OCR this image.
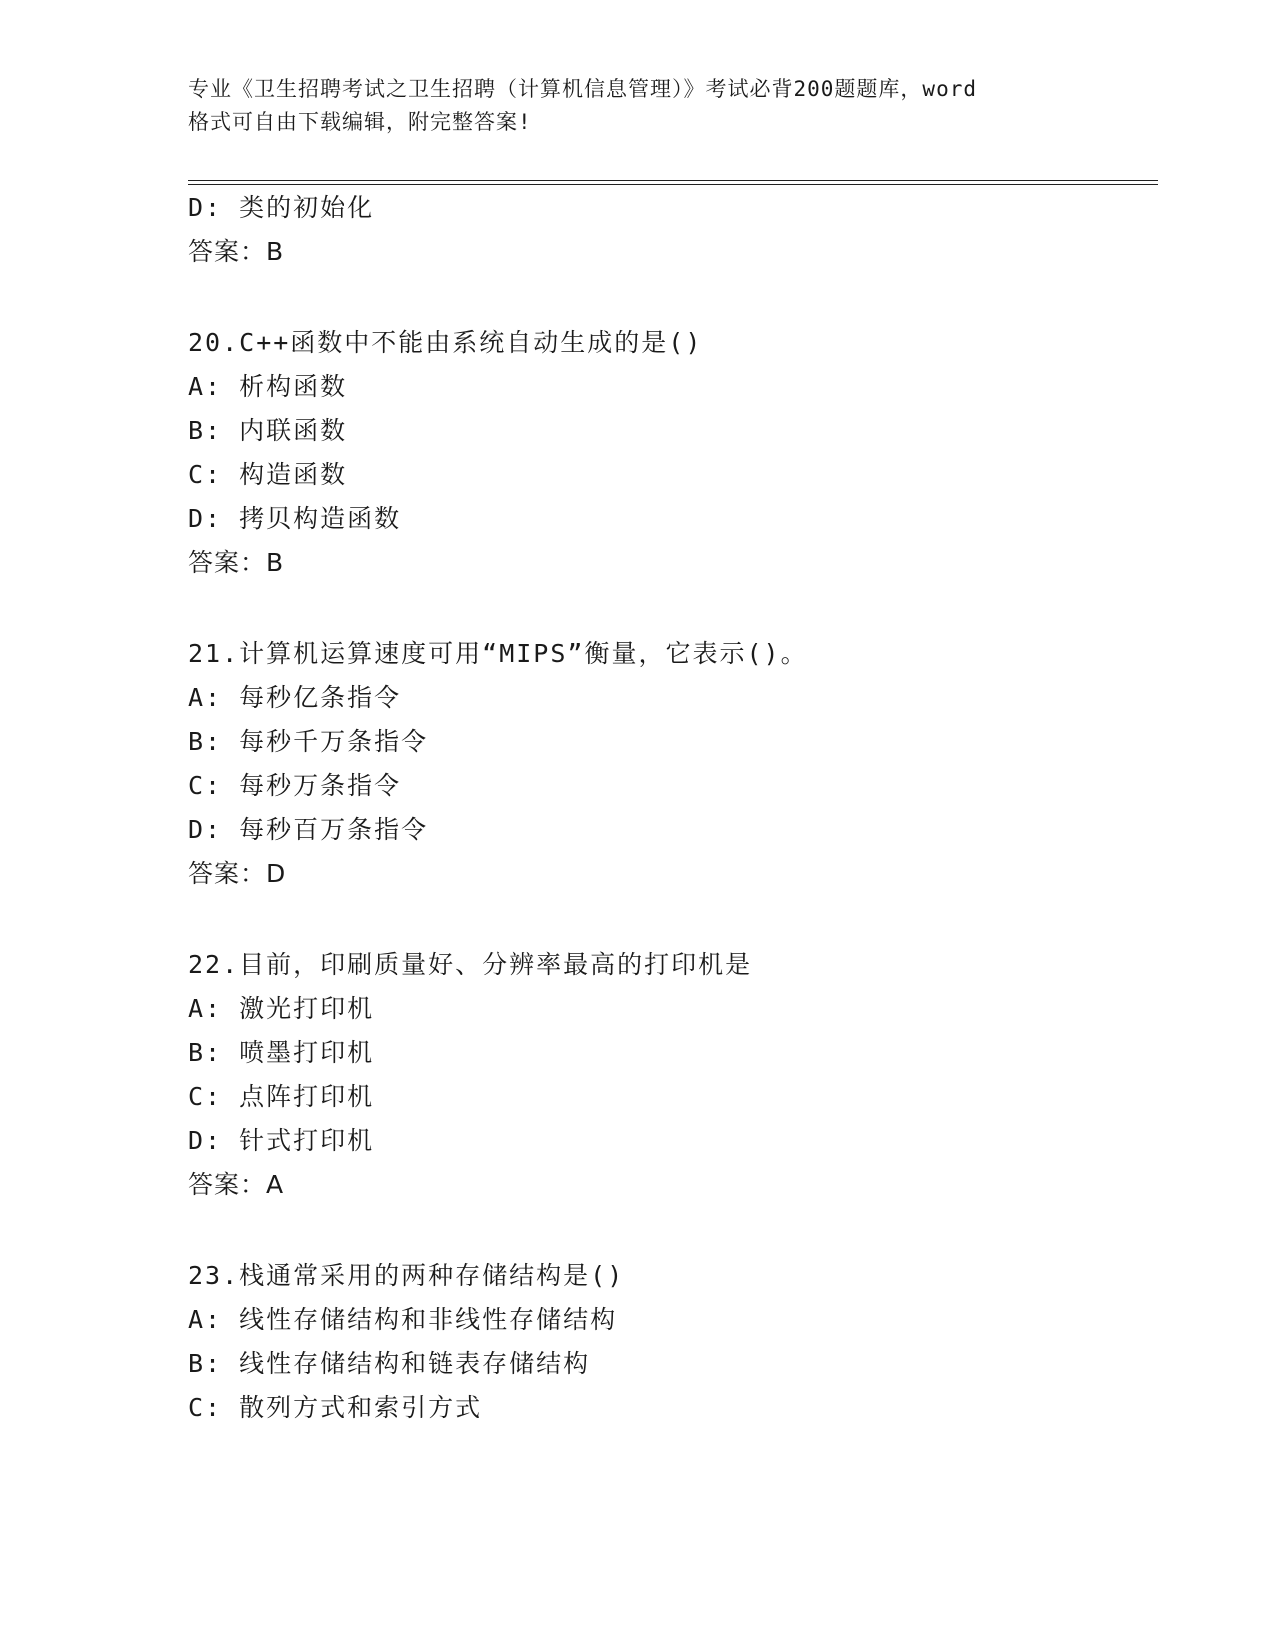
专业《卫生招聘考试之卫生招聘（计算机信息管理）》考试必背200题题库，word
格式可自由下载编辑，附完整答案!
D: 类的初始化
答案：B
20.C++函数中不能由系统自动生成的是()
A: 析构函数
B: 内联函数
C: 构造函数
D: 拷贝构造函数
答案：B
21.计算机运算速度可用“MIPS”衡量，它表示()。
A: 每秒亿条指令
B: 每秒千万条指令
C: 每秒万条指令
D: 每秒百万条指令
答案：D
22.目前，印刷质量好、分辨率最高的打印机是
A: 激光打印机
B: 喷墨打印机
C: 点阵打印机
D: 针式打印机
答案：A
23.栈通常采用的两种存储结构是()
A: 线性存储结构和非线性存储结构
B: 线性存储结构和链表存储结构
C: 散列方式和索引方式
